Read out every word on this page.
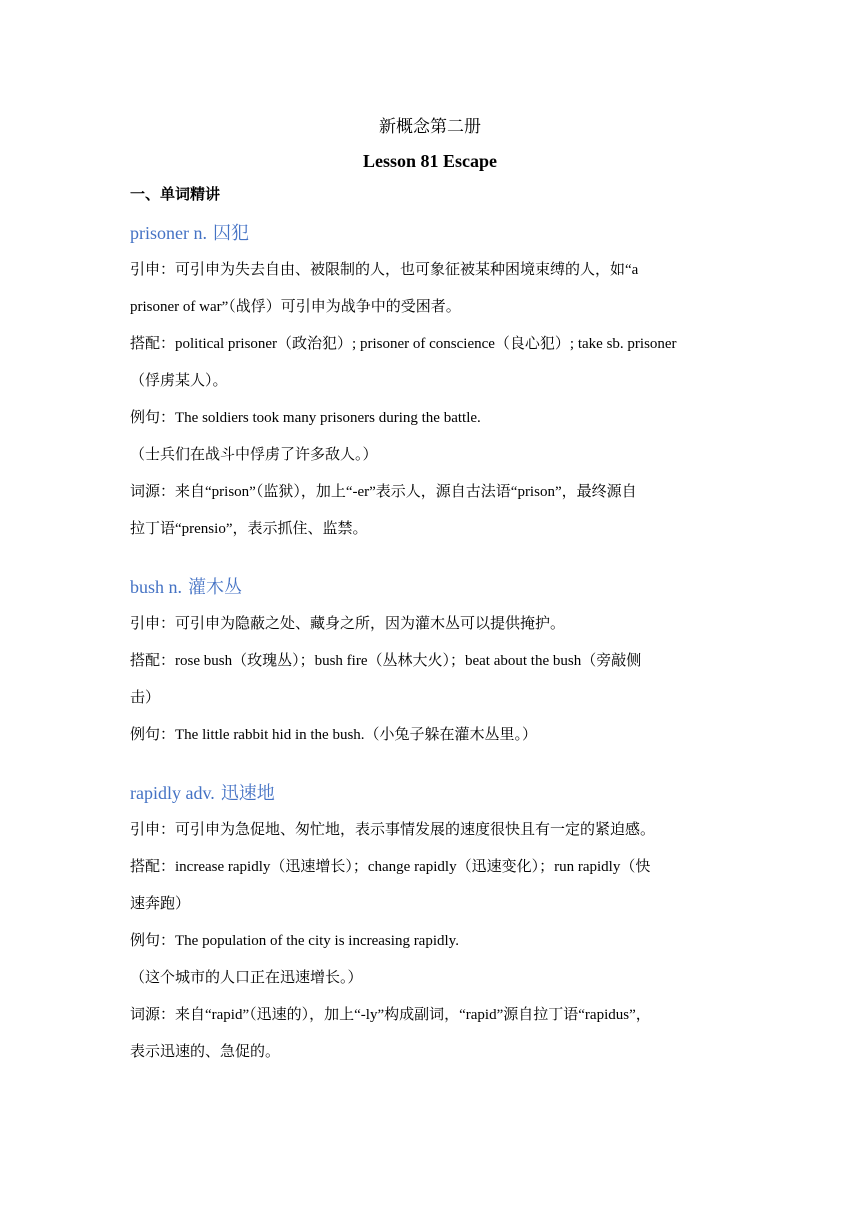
新概念第二册

Lesson 81 Escape

一、单词精讲

prisoner n. 囚犯

引申：可引申为失去自由、被限制的人，也可象征被某种困境束缚的人，如“a

prisoner of war”（战俘）可引申为战争中的受困者。

搭配：political prisoner（政治犯）; prisoner of conscience（良心犯）; take sb. prisoner

（俘虏某人）。

例句：The soldiers took many prisoners during the battle.

（士兵们在战斗中俘虏了许多敌人。）

词源：来自“prison”（监狱），加上“-er”表示人，源自古法语“prison”，最终源自

拉丁语“prensio”，表示抓住、监禁。

bush n. 灌木丛

引申：可引申为隐蔽之处、藏身之所，因为灌木丛可以提供掩护。

搭配：rose bush（玫瑰丛）；bush fire（丛林大火）；beat about the bush（旁敲侧

击）

例句：The little rabbit hid in the bush.（小兔子躲在灌木丛里。）

rapidly adv. 迅速地

引申：可引申为急促地、匆忙地，表示事情发展的速度很快且有一定的紧迫感。

搭配：increase rapidly（迅速增长）；change rapidly（迅速变化）；run rapidly（快

速奔跑）

例句：The population of the city is increasing rapidly.

（这个城市的人口正在迅速增长。）

词源：来自“rapid”（迅速的），加上“-ly”构成副词，“rapid”源自拉丁语“rapidus”，

表示迅速的、急促的。
